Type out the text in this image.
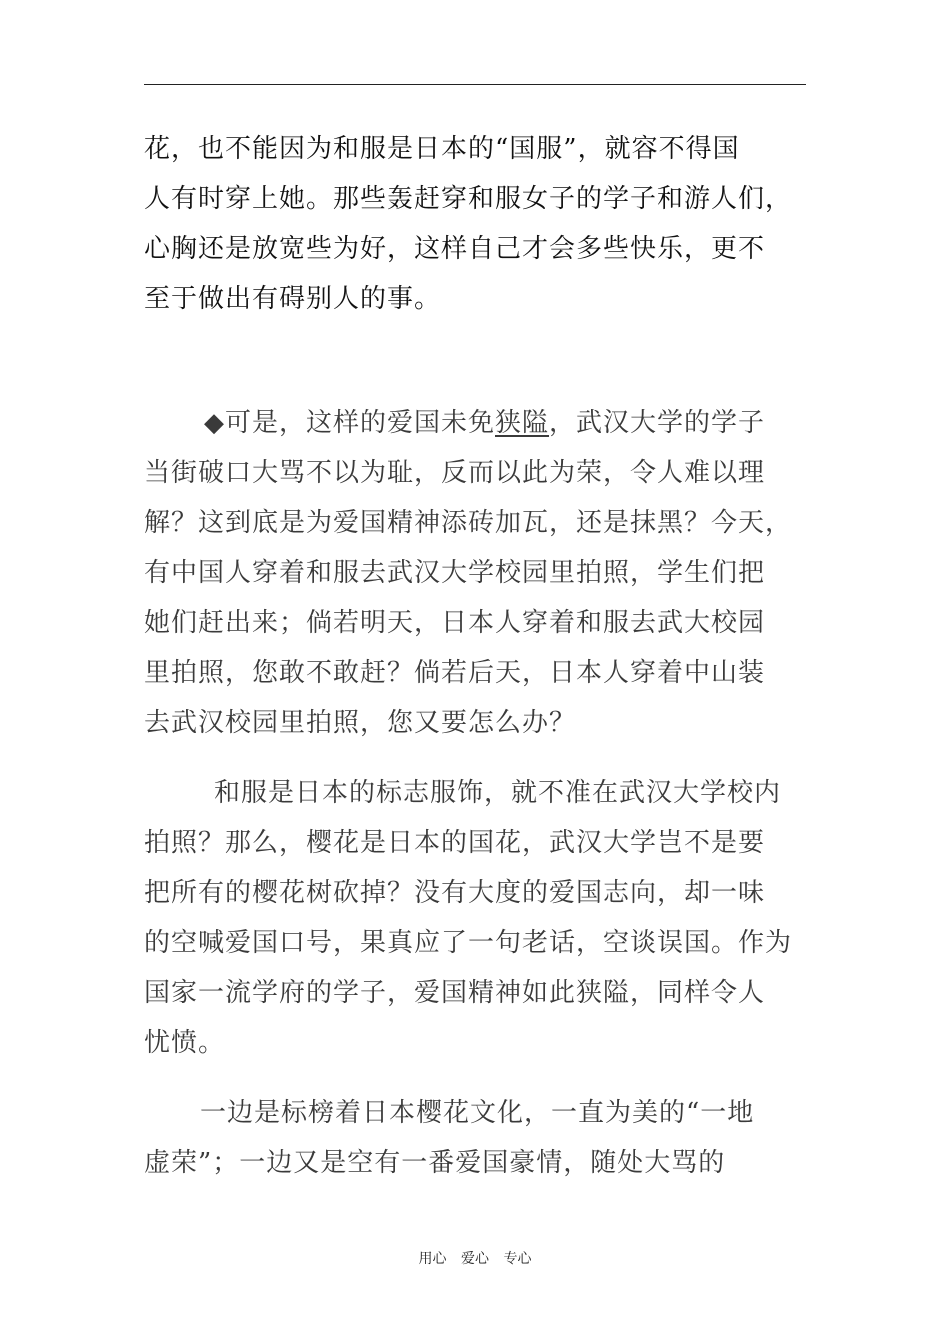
花，也不能因为和服是日本的“国服”，就容不得国
人有时穿上她。那些轰赶穿和服女子的学子和游人们，
心胸还是放宽些为好，这样自己才会多些快乐，更不
至于做出有碍别人的事。

◆可是，这样的爱国未免狭隘，武汉大学的学子
当街破口大骂不以为耻，反而以此为荣，令人难以理
解？这到底是为爱国精神添砖加瓦，还是抹黑？今天，
有中国人穿着和服去武汉大学校园里拍照，学生们把
她们赶出来；倘若明天，日本人穿着和服去武大校园
里拍照，您敢不敢赶？倘若后天，日本人穿着中山装
去武汉校园里拍照，您又要怎么办？

和服是日本的标志服饰，就不准在武汉大学校内
拍照？那么，樱花是日本的国花，武汉大学岂不是要
把所有的樱花树砍掉？没有大度的爱国志向，却一味
的空喊爱国口号，果真应了一句老话，空谈误国。作为
国家一流学府的学子，爱国精神如此狭隘，同样令人
忧愤。

一边是标榜着日本樱花文化，一直为美的“一地
虚荣”；一边又是空有一番爱国豪情，随处大骂的

用心 爱心 专心
